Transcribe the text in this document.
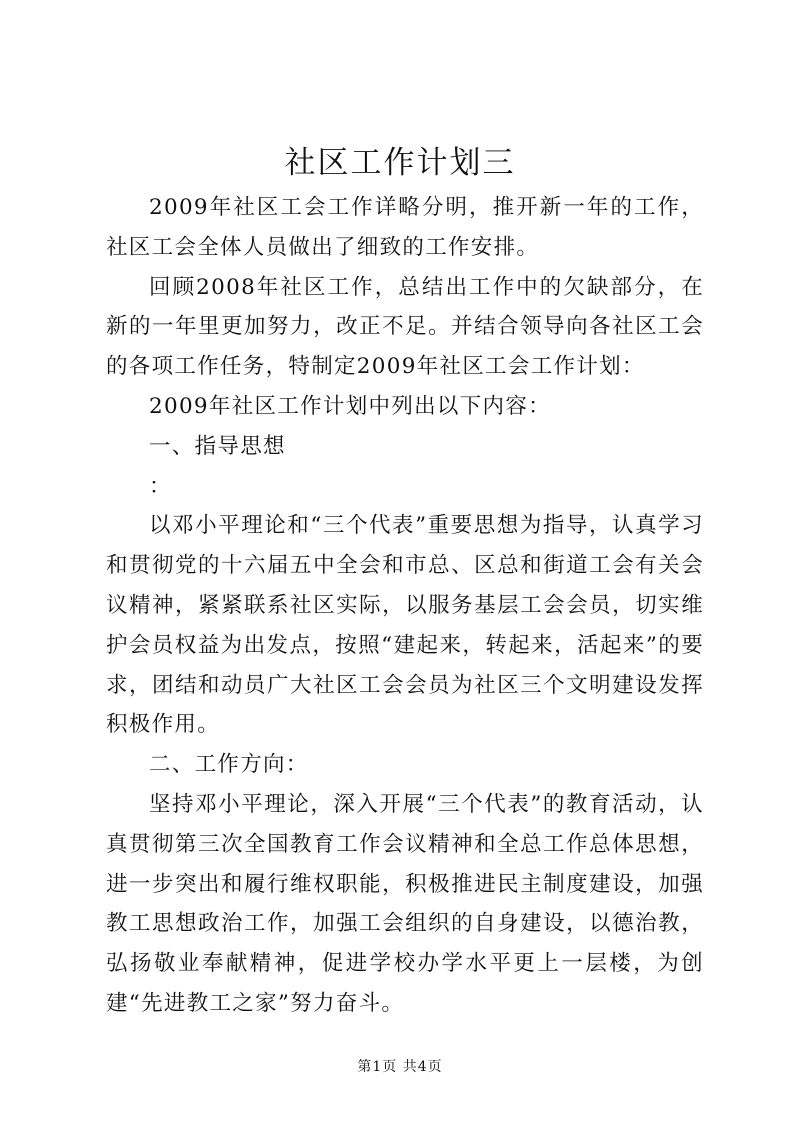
社区工作计划三

2009年社区工会工作详略分明，推开新一年的工作，社区工会全体人员做出了细致的工作安排。

回顾2008年社区工作，总结出工作中的欠缺部分，在新的一年里更加努力，改正不足。并结合领导向各社区工会的各项工作任务，特制定2009年社区工会工作计划：

2009年社区工作计划中列出以下内容：

一、指导思想

：

以邓小平理论和“三个代表”重要思想为指导，认真学习和贯彻党的十六届五中全会和市总、区总和街道工会有关会议精神，紧紧联系社区实际，以服务基层工会会员，切实维护会员权益为出发点，按照“建起来，转起来，活起来”的要求，团结和动员广大社区工会会员为社区三个文明建设发挥积极作用。

二、工作方向：

坚持邓小平理论，深入开展“三个代表”的教育活动，认真贯彻第三次全国教育工作会议精神和全总工作总体思想，进一步突出和履行维权职能，积极推进民主制度建设，加强教工思想政治工作，加强工会组织的自身建设，以德治教，弘扬敬业奉献精神，促进学校办学水平更上一层楼，为创建“先进教工之家”努力奋斗。

第1页 共4页
